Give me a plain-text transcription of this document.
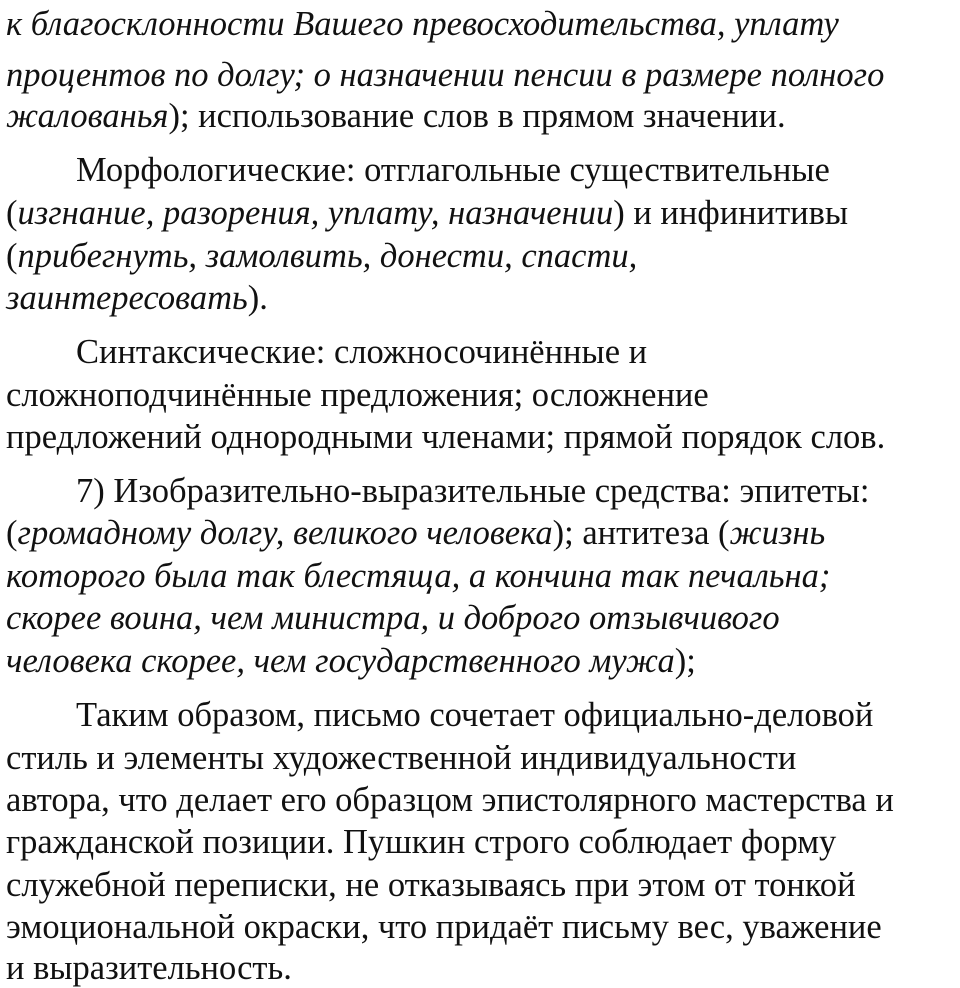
к благосклонности Вашего превосходительства, уплату
процентов по долгу; о назначении пенсии в размере полного
жалованья); использование слов в прямом значении.
Морфологические: отглагольные существительные
(изгнание, разорения, уплату, назначении) и инфинитивы
(прибегнуть, замолвить, донести, спасти,
заинтересовать).
Синтаксические: сложносочинённые и
сложноподчинённые предложения; осложнение
предложений однородными членами; прямой порядок слов.
7) Изобразительно-выразительные средства: эпитеты:
(громадному долгу, великого человека); антитеза (жизнь
которого была так блестяща, а кончина так печальна;
скорее воина, чем министра, и доброго отзывчивого
человека скорее, чем государственного мужа);
Таким образом, письмо сочетает официально-деловой
стиль и элементы художественной индивидуальности
автора, что делает его образцом эпистолярного мастерства и
гражданской позиции. Пушкин строго соблюдает форму
служебной переписки, не отказываясь при этом от тонкой
эмоциональной окраски, что придаёт письму вес, уважение
и выразительность.
